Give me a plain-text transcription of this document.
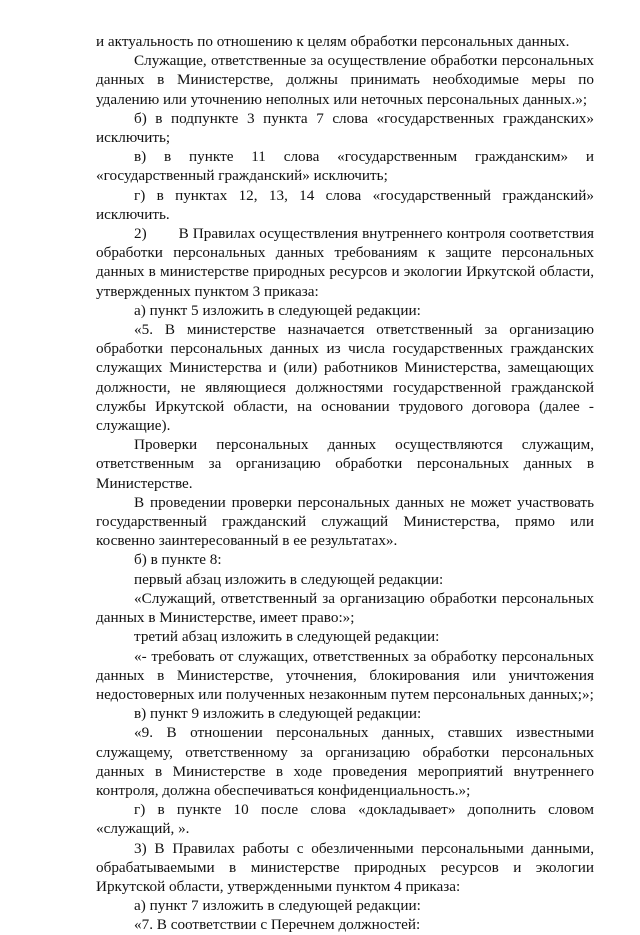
и актуальность по отношению к целям обработки персональных данных.

Служащие, ответственные за осуществление обработки персональных данных в Министерстве, должны принимать необходимые меры по удалению или уточнению неполных или неточных персональных данных.»;

б) в подпункте 3 пункта 7 слова «государственных гражданских» исключить;

в) в пункте 11 слова «государственным гражданским» и «государственный гражданский» исключить;

г) в пунктах 12, 13, 14 слова «государственный гражданский» исключить.

2)        В Правилах осуществления внутреннего контроля соответствия обработки персональных данных требованиям к защите персональных данных в министерстве природных ресурсов и экологии Иркутской области, утвержденных пунктом 3 приказа:

а) пункт 5 изложить в следующей редакции:

«5. В министерстве назначается ответственный за организацию обработки персональных данных из числа государственных гражданских служащих Министерства и (или) работников Министерства, замещающих должности, не являющиеся должностями государственной гражданской службы Иркутской области, на основании трудового договора (далее - служащие).

Проверки персональных данных осуществляются служащим, ответственным за организацию обработки персональных данных в Министерстве.

В проведении проверки персональных данных не может участвовать государственный гражданский служащий Министерства, прямо или косвенно заинтересованный в ее результатах».

б) в пункте 8:

первый абзац изложить в следующей редакции:

«Служащий, ответственный за организацию обработки персональных данных в Министерстве, имеет право:»;

третий абзац изложить в следующей редакции:

«- требовать от служащих, ответственных за обработку персональных данных в Министерстве, уточнения, блокирования или уничтожения недостоверных или полученных незаконным путем персональных данных;»;

в) пункт 9 изложить в следующей редакции:

«9. В отношении персональных данных, ставших известными служащему, ответственному за организацию обработки персональных данных в Министерстве в ходе проведения мероприятий внутреннего контроля, должна обеспечиваться конфиденциальность.»;

г) в пункте 10 после слова «докладывает» дополнить словом «служащий, ».

3) В Правилах работы с обезличенными персональными данными, обрабатываемыми в министерстве природных ресурсов и экологии Иркутской области, утвержденными пунктом 4 приказа:

а) пункт 7 изложить в следующей редакции:

«7. В соответствии с Перечнем должностей:
